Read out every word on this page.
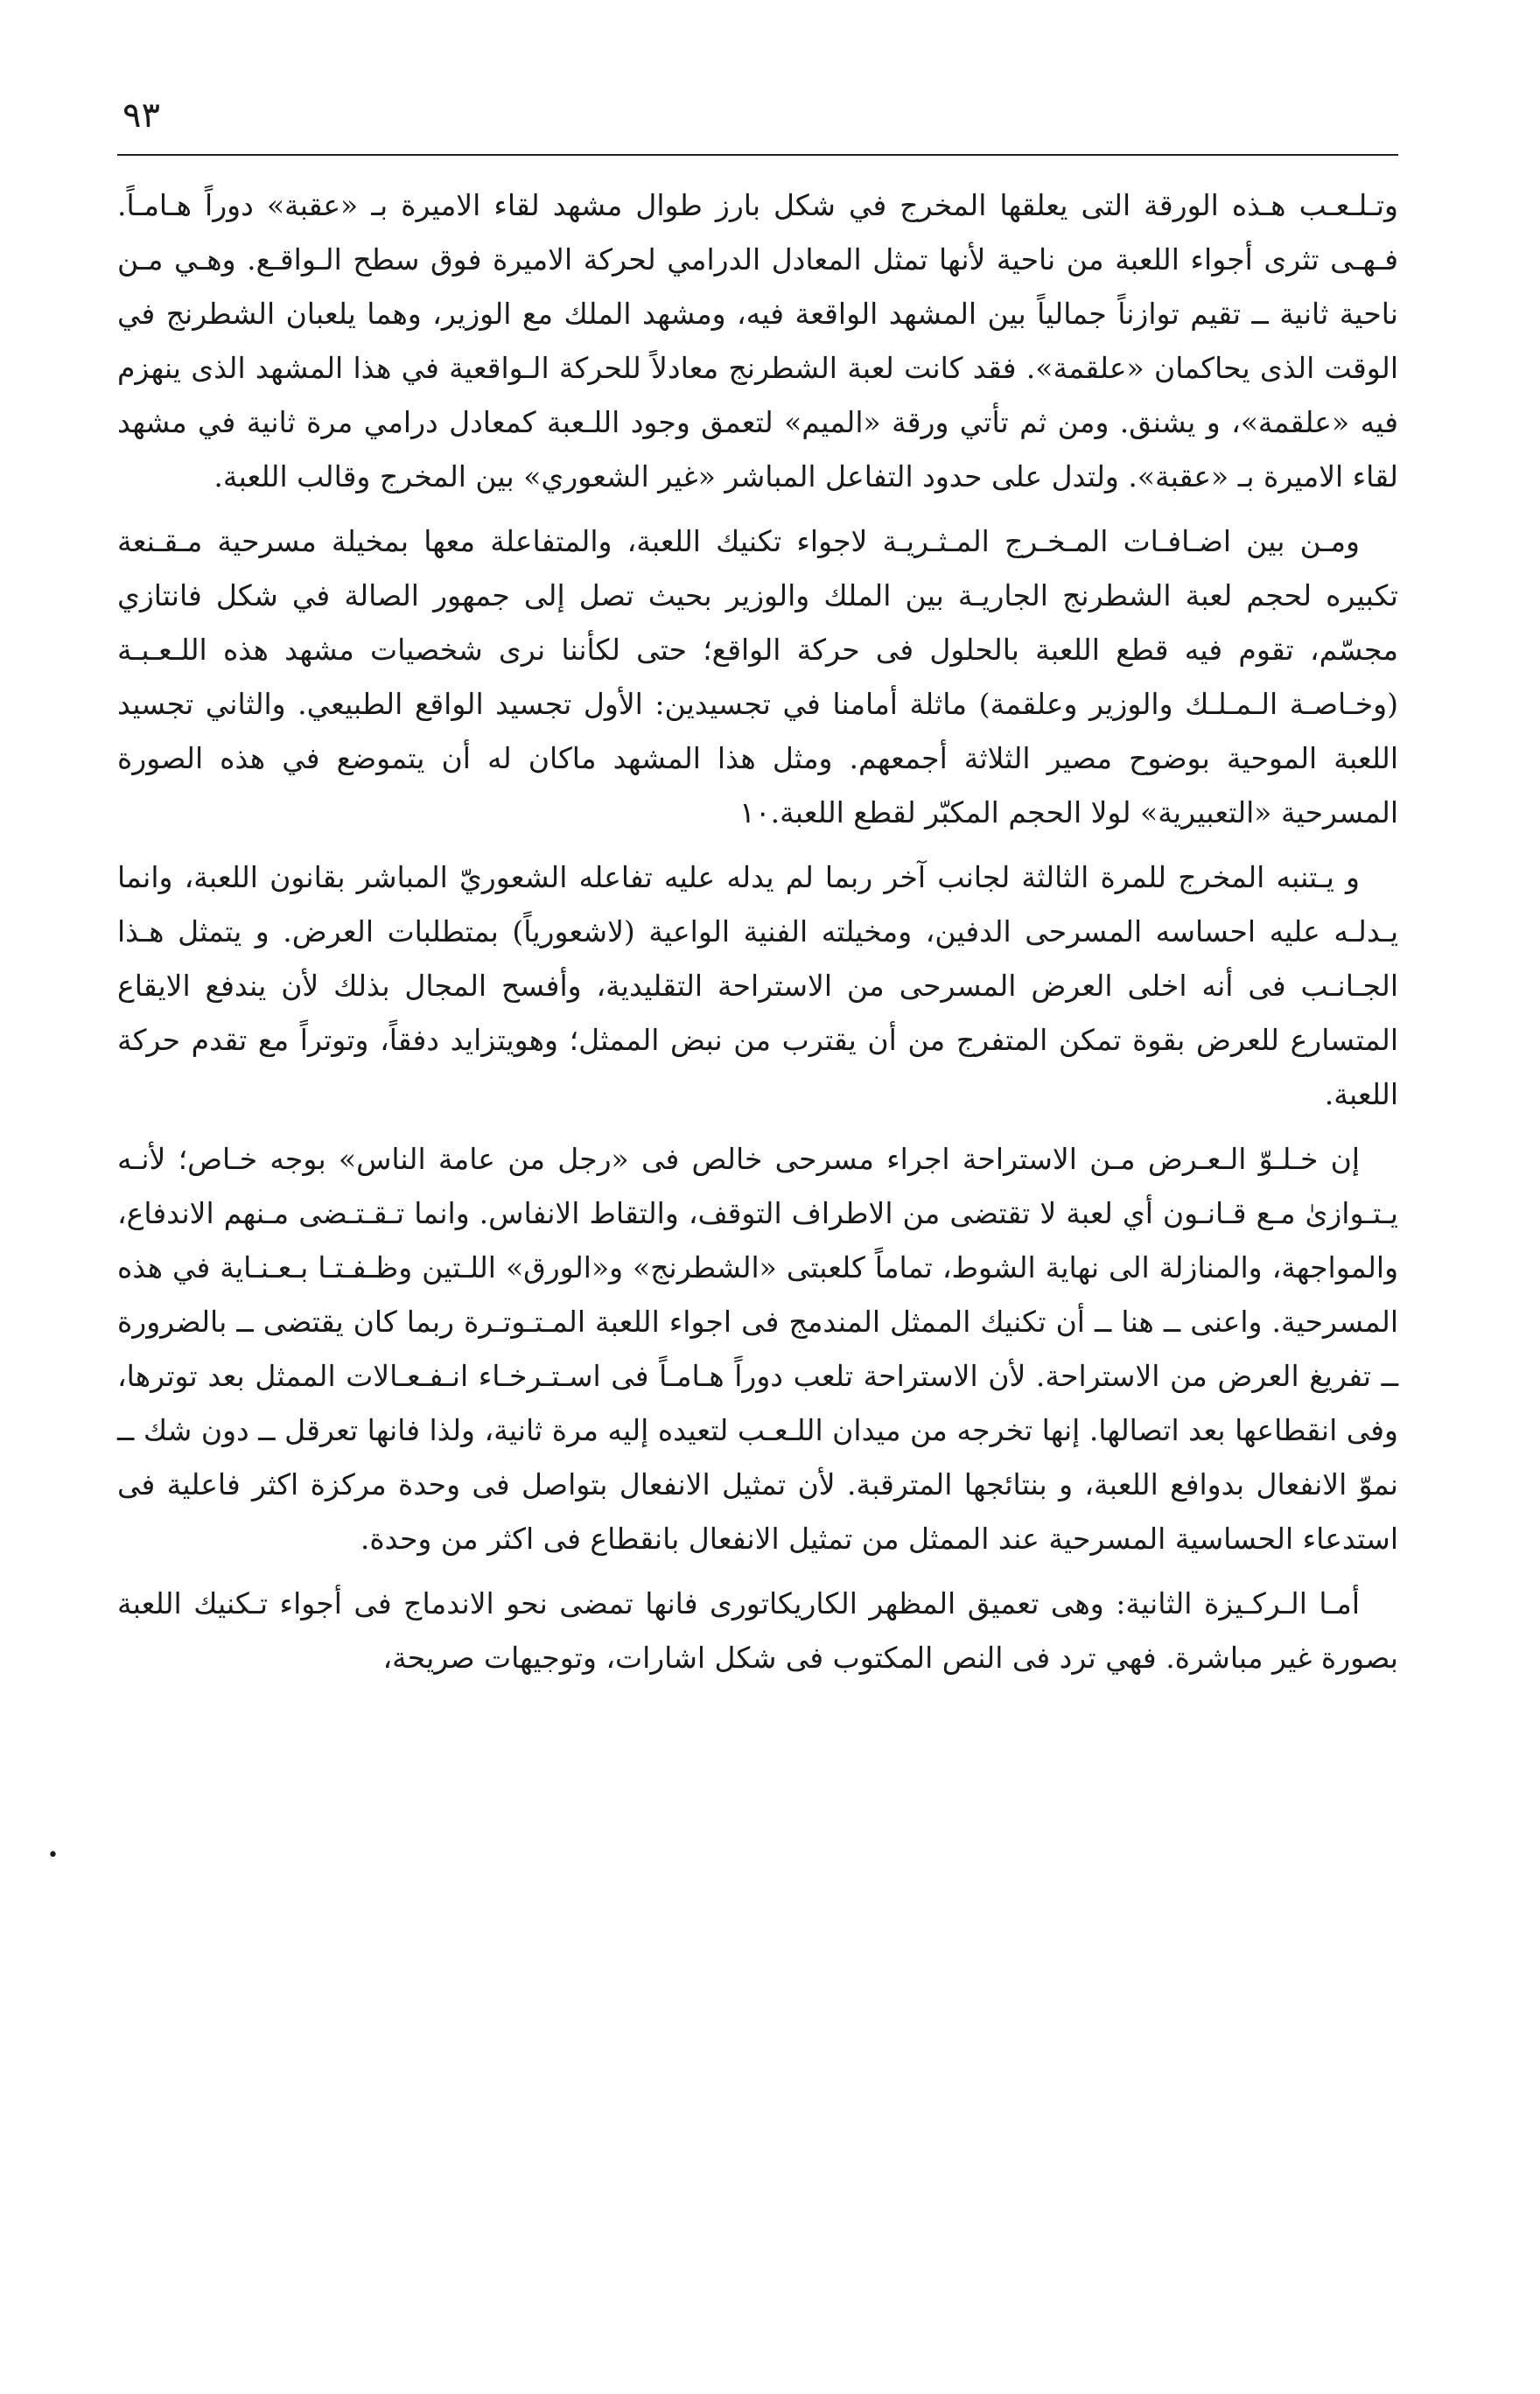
٩٣

وتـلـعـب هـذه الورقة التى يعلقها المخرج في شكل بارز طوال مشهد لقاء الاميرة بـ «عقبة» دوراً هـامـاً. فـهـى تثرى أجواء اللعبة من ناحية لأنها تمثل المعادل الدرامي لحركة الاميرة فوق سطح الـواقـع. وهـي مـن ناحية ثانية ــ تقيم توازناً جمالياً بين المشهد الواقعة فيه، ومشهد الملك مع الوزير، وهما يلعبان الشطرنج في الوقت الذى يحاكمان «علقمة». فقد كانت لعبة الشطرنج معادلاً للحركة الـواقعية في هذا المشهد الذى ينهزم فيه «علقمة»، و يشنق. ومن ثم تأتي ورقة «الميم» لتعمق وجود اللـعبة كمعادل درامي مرة ثانية في مشهد لقاء الاميرة بـ «عقبة». ولتدل على حدود التفاعل المباشر «غير الشعوري» بين المخرج وقالب اللعبة.

ومـن بين اضـافـات المـخـرج المـثـريـة لاجواء تكنيك اللعبة، والمتفاعلة معها بمخيلة مسرحية مـقـنعة تكبيره لحجم لعبة الشطرنج الجاريـة بين الملك والوزير بحيث تصل إلى جمهور الصالة في شكل فانتازي مجسّم، تقوم فيه قطع اللعبة بالحلول فى حركة الواقع؛ حتى لكأننا نرى شخصيات مشهد هذه اللـعـبـة (وخـاصـة الـمـلـك والوزير وعلقمة) ماثلة أمامنا في تجسيدين: الأول تجسيد الواقع الطبيعي. والثاني تجسيد اللعبة الموحية بوضوح مصير الثلاثة أجمعهم. ومثل هذا المشهد ماكان له أن يتموضع في هذه الصورة المسرحية «التعبيرية» لولا الحجم المكبّر لقطع اللعبة.١٠

و يـتنبه المخرج للمرة الثالثة لجانب آخر ربما لم يدله عليه تفاعله الشعوريّ المباشر بقانون اللعبة، وانما يـدلـه عليه احساسه المسرحى الدفين، ومخيلته الفنية الواعية (لاشعورياً) بمتطلبات العرض. و يتمثل هـذا الجـانـب فى أنه اخلى العرض المسرحى من الاستراحة التقليدية، وأفسح المجال بذلك لأن يندفع الايقاع المتسارع للعرض بقوة تمكن المتفرج من أن يقترب من نبض الممثل؛ وهويتزايد دفقاً، وتوتراً مع تقدم حركة اللعبة.

إن خـلـوّ الـعـرض مـن الاستراحة اجراء مسرحى خالص فى «رجل من عامة الناس» بوجه خـاص؛ لأنـه يـتـوازىٰ مـع قـانـون أي لعبة لا تقتضى من الاطراف التوقف، والتقاط الانفاس. وانما تـقـتـضى مـنهم الاندفاع، والمواجهة، والمنازلة الى نهاية الشوط، تماماً كلعبتى «الشطرنج» و«الورق» اللـتين وظـفـتـا بـعـنـاية في هذه المسرحية. واعنى ــ هنا ــ أن تكنيك الممثل المندمج فى اجواء اللعبة المـتـوتـرة ربما كان يقتضى ــ بالضرورة ــ تفريغ العرض من الاستراحة. لأن الاستراحة تلعب دوراً هـامـاً فى اسـتـرخـاء انـفـعـالات الممثل بعد توترها، وفى انقطاعها بعد اتصالها. إنها تخرجه من ميدان اللـعـب لتعيده إليه مرة ثانية، ولذا فانها تعرقل ــ دون شك ــ نموّ الانفعال بدوافع اللعبة، و بنتائجها المترقبة. لأن تمثيل الانفعال بتواصل فى وحدة مركزة اكثر فاعلية فى استدعاء الحساسية المسرحية عند الممثل من تمثيل الانفعال بانقطاع فى اكثر من وحدة.

أمـا الـركـيزة الثانية: وهى تعميق المظهر الكاريكاتورى فانها تمضى نحو الاندماج فى أجواء تـكنيك اللعبة بصورة غير مباشرة. فهي ترد فى النص المكتوب فى شكل اشارات، وتوجيهات صريحة،

•
